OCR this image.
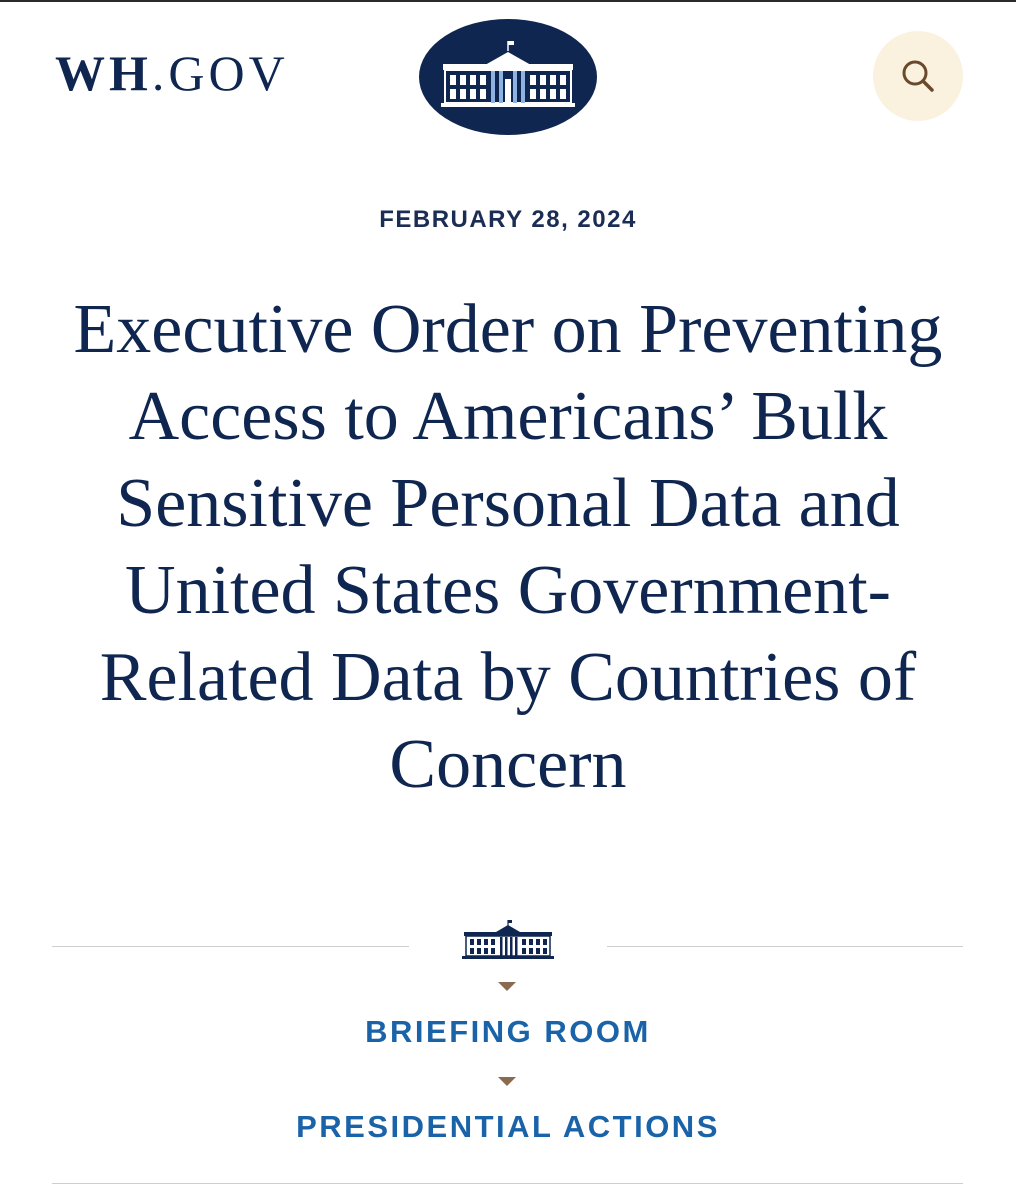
WH.GOV
FEBRUARY 28, 2024
Executive Order on Preventing Access to Americans’ Bulk Sensitive Personal Data and United States Government-Related Data by Countries of Concern
BRIEFING ROOM
PRESIDENTIAL ACTIONS
